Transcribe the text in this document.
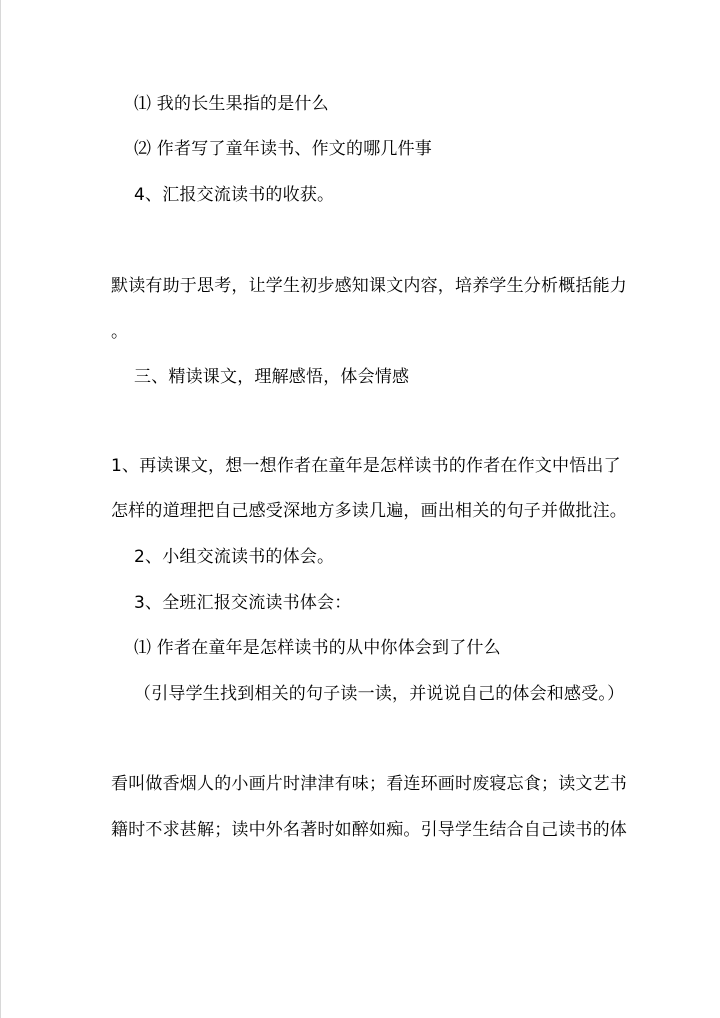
⑴ 我的长生果指的是什么
⑵ 作者写了童年读书、作文的哪几件事
4、汇报交流读书的收获。
默读有助于思考，让学生初步感知课文内容，培养学生分析概括能力
。
三、精读课文，理解感悟，体会情感
1、再读课文，想一想作者在童年是怎样读书的作者在作文中悟出了
怎样的道理把自己感受深地方多读几遍，画出相关的句子并做批注。
2、小组交流读书的体会。
3、全班汇报交流读书体会：
⑴ 作者在童年是怎样读书的从中你体会到了什么
（引导学生找到相关的句子读一读，并说说自己的体会和感受。）
看叫做香烟人的小画片时津津有味；看连环画时废寝忘食；读文艺书
籍时不求甚解；读中外名著时如醉如痴。引导学生结合自己读书的体
